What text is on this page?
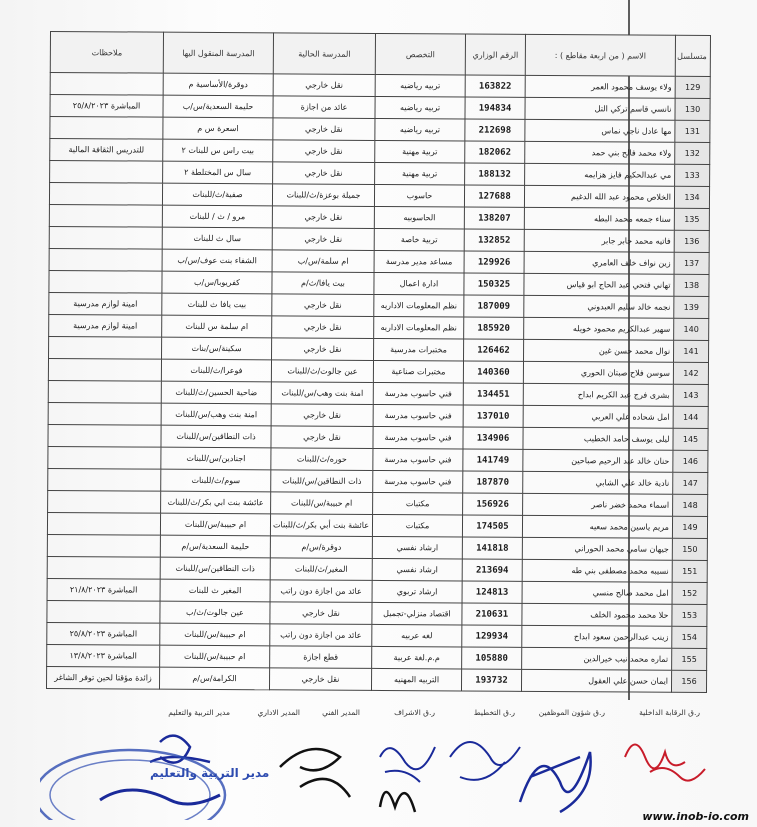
متسلسل	الاسم ( من اربعة مقاطع ) :	الرقم الوزاري	التخصص	المدرسة الحالية	المدرسة المنقول اليها	ملاحظات
129	ولاء يوسف محمود العمر	163822	تربيه رياضيه	نقل خارجي	دوقرة/الأساسية م	
130	نانسي قاسم تركي التل	194834	تربيه رياضيه	عائد من اجازة	حليمة السعدية/س/ب	المباشرة ٢٥/٨/٢٠٢٣
131	مها عادل ناجي نماس	212698	تربيه رياضيه	نقل خارجي	اسعرة س م	
132	ولاء محمد فالح بني حمد	182062	تربية مهنية	نقل خارجي	بيت راس س للبنات ٢	للتدريس الثقافة المالية
133	مي عبدالحكيم فايز هزايمه	188132	تربية مهنية	نقل خارجي	سال س المختلطة ٢	
134	الخلاص محمود عبد الله الدغيم	127688	حاسوب	جميلة بوعزة/ث/للبنات	صفية/ث/للبنات	
135	سناء جمعه محمد البطه	138207	الحاسوبيه	نقل خارجي	مرو / ث / للبنات	
136	فاتيه محمد جابر جابر	132852	تربية خاصة	نقل خارجي	سال ث للبنات	
137	زين نواف خلف العامري	129926	مساعد مدير مدرسة	ام سلمة/س/ب	الشفاء بنت عوف/س/ب	
138	تهاني فتحي عبد الحاج ابو قياس	150325	ادارة اعمال	بيت يافا/ث/م	كفريوبا/س/ب	
139	نجمه خالد سليم العبدوني	187009	نظم المعلومات الاداريه	نقل خارجي	بيت يافا ث للبنات	امينة لوازم مدرسية
140	سهير عبدالكريم محمود خويله	185920	نظم المعلومات الاداريه	نقل خارجي	ام سلمة س للبنات	امينة لوازم مدرسية
141	نوال محمد حسن غين	126462	مختبرات مدرسية	نقل خارجي	سكينة/س/بنات	
142	سوسن فلاح صبتان الحوري	140360	مختبرات صناعية	عين جالوت/ث/للبنات	فوعرا/ث/للبنات	
143	بشرى فرج عبد الكريم ابداح	134451	فني حاسوب مدرسة	امنة بنت وهب/س/للبنات	ضاحية الحسين/ث/للبنات	
144	امل شحاده علي العربي	137010	فني حاسوب مدرسة	نقل خارجي	امنة بنت وهب/س/للبنات	
145	ليلى يوسف حامد الخطيب	134906	فني حاسوب مدرسة	نقل خارجي	ذات النطاقين/س/للبنات	
146	حنان خالد عبد الرحيم صباحين	141749	فني حاسوب مدرسة	حوره/ث/للبنات	اجنادين/س/للبنات	
147	نادية خالد علي الشابي	187870	فني حاسوب مدرسة	ذات النطاقين/س/للبنات	سوم/ث/للبنات	
148	اسماء محمد خضر ناصر	156926	مكتبات	ام حبيبة/س/للبنات	عائشة بنت ابي بكر/ث/للبنات	
149	مريم ياسين محمد سعيه	174505	مكتبات	عائشة بنت أبي بكر/ث/للبنات	ام حبيبة/س/للبنات	
150	جيهان سامي محمد الحوراني	141818	ارشاد نفسي	دوقرة/س/م	حليمة السعدية/س/م	
151	نسيبه محمد مصطفى بني طه	213694	ارشاد نفسي	المغير/ث/للبنات	ذات النطاقين/س/للبنات	
152	امل محمد صالح منسي	124813	ارشاد تربوي	عائد من اجازة دون راتب	المغير ث للبنات	المباشرة ٢١/٨/٢٠٢٣
153	حلا محمد محمود الخلف	210631	اقتصاد منزلي-تجميل	نقل خارجي	عين جالوت/ث/ب	
154	زينب عبدالرحمن سعود ابداح	129934	لغه عربيه	عائد من اجازة دون راتب	ام حبيبة/س/للبنات	المباشرة ٢٥/٨/٢٠٢٣
155	تماره محمد نيب خيرالدين	105880	م.م.لغة عربية	قطع اجازة	ام حبيبة/س/للبنات	المباشرة ١٣/٨/٢٠٢٣
156	ايمان حسن علي العقول	193732	التربيه المهنيه	نقل خارجي	الكرامة/س/م	زائدة مؤقتا لحين توفر الشاغر
ر.ق الرقابة الداخلية
ر.ق شؤون الموظفين
ر.ق التخطيط
ر.ق الاشراف
المدير الفني
المدير الاداري
مدير التربية والتعليم
مدير التربية والتعليم
www.inob-io.com
